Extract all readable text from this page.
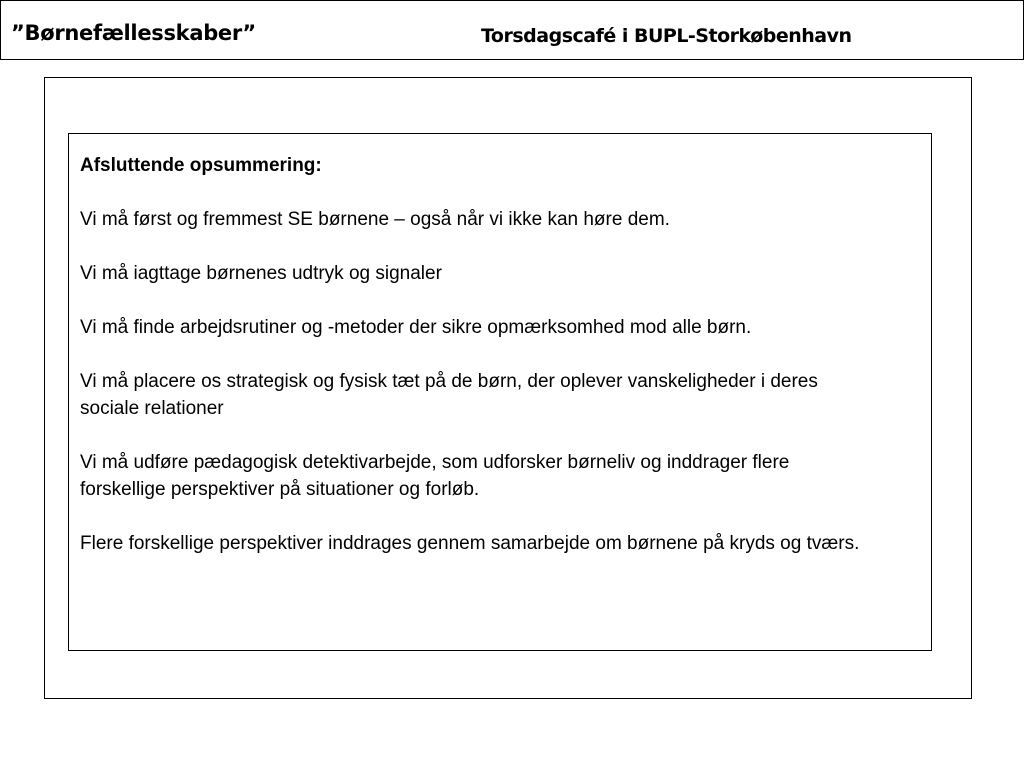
”Børnefællesskaber”	Torsdagscafé i BUPL-Storkøbenhavn
Afsluttende opsummering:
Vi må først og fremmest SE børnene – også når vi ikke kan høre dem.
Vi må iagttage børnenes udtryk og signaler
Vi må finde arbejdsrutiner og -metoder der sikre opmærksomhed mod alle børn.
Vi må placere os strategisk og fysisk tæt på de børn, der oplever vanskeligheder i deres sociale relationer
Vi må udføre pædagogisk detektivarbejde, som udforsker børneliv og inddrager flere forskellige perspektiver på situationer og forløb.
Flere forskellige perspektiver inddrages gennem samarbejde om børnene på kryds og tværs.
